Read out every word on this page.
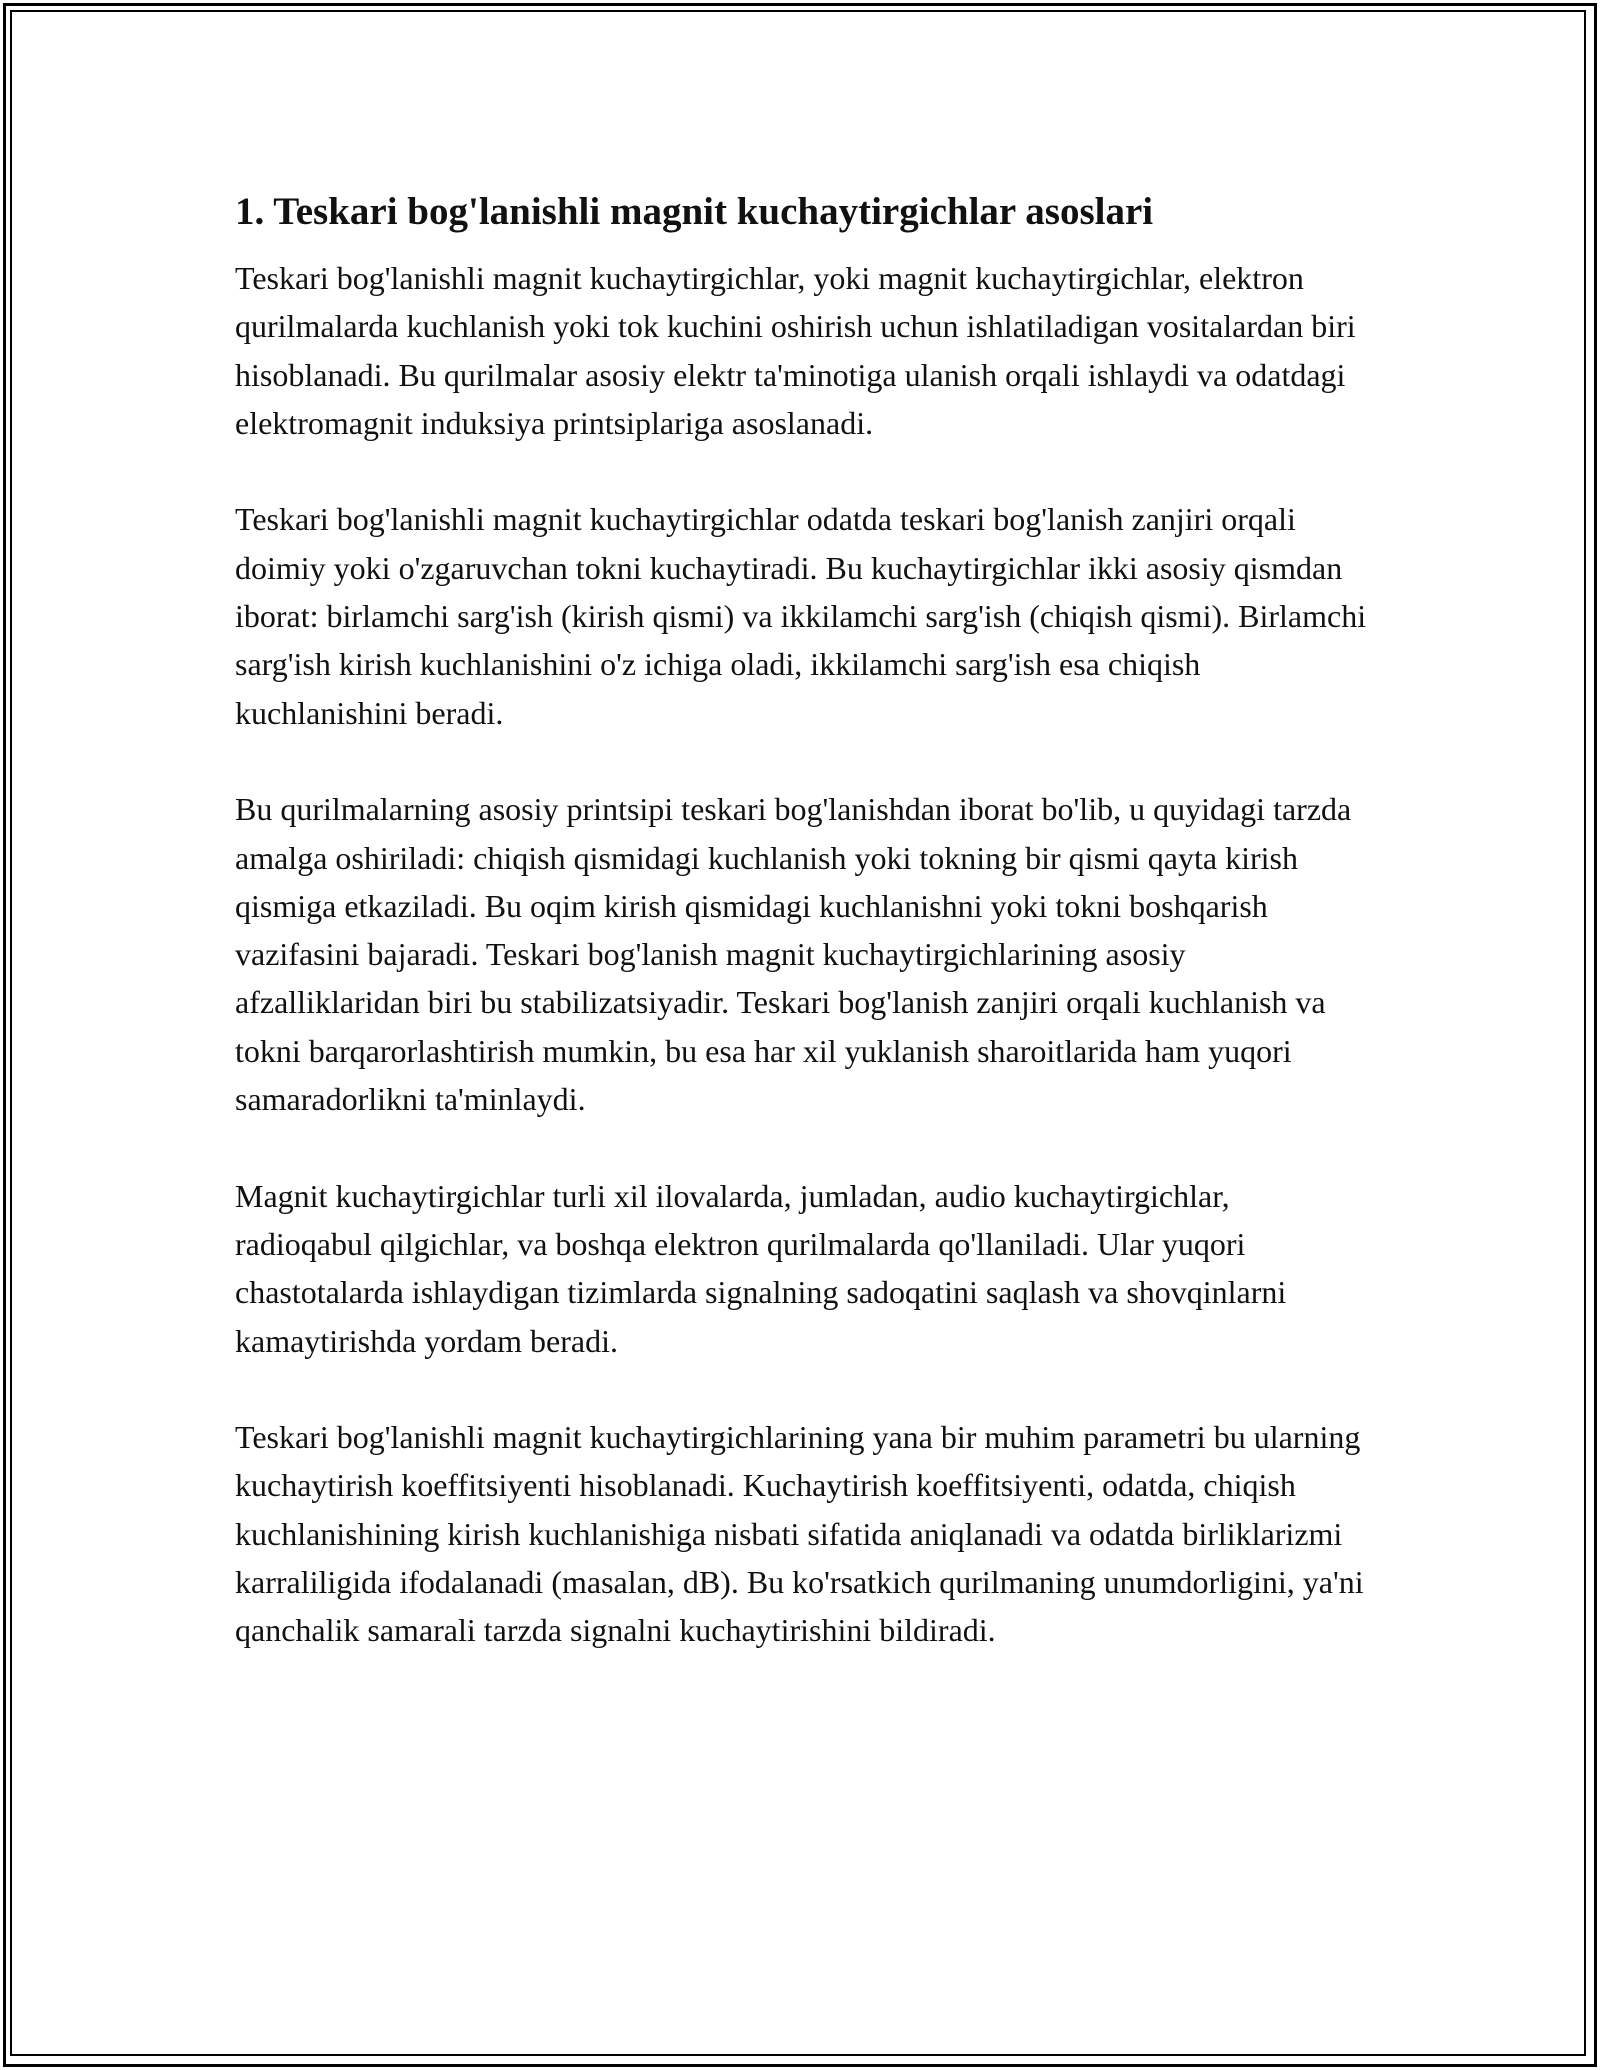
1. Teskari bog'lanishli magnit kuchaytirgichlar asoslari

Teskari bog'lanishli magnit kuchaytirgichlar, yoki magnit kuchaytirgichlar, elektron qurilmalarda kuchlanish yoki tok kuchini oshirish uchun ishlatiladigan vositalardan biri hisoblanadi. Bu qurilmalar asosiy elektr ta'minotiga ulanish orqali ishlaydi va odatdagi elektromagnit induksiya printsiplariga asoslanadi.

Teskari bog'lanishli magnit kuchaytirgichlar odatda teskari bog'lanish zanjiri orqali doimiy yoki o'zgaruvchan tokni kuchaytiradi. Bu kuchaytirgichlar ikki asosiy qismdan iborat: birlamchi sarg'ish (kirish qismi) va ikkilamchi sarg'ish (chiqish qismi). Birlamchi sarg'ish kirish kuchlanishini o'z ichiga oladi, ikkilamchi sarg'ish esa chiqish kuchlanishini beradi.

Bu qurilmalarning asosiy printsipi teskari bog'lanishdan iborat bo'lib, u quyidagi tarzda amalga oshiriladi: chiqish qismidagi kuchlanish yoki tokning bir qismi qayta kirish qismiga etkaziladi. Bu oqim kirish qismidagi kuchlanishni yoki tokni boshqarish vazifasini bajaradi. Teskari bog'lanish magnit kuchaytirgichlarining asosiy afzalliklaridan biri bu stabilizatsiyadir. Teskari bog'lanish zanjiri orqali kuchlanish va tokni barqarorlashtirish mumkin, bu esa har xil yuklanish sharoitlarida ham yuqori samaradorlikni ta'minlaydi.

Magnit kuchaytirgichlar turli xil ilovalarda, jumladan, audio kuchaytirgichlar, radioqabul qilgichlar, va boshqa elektron qurilmalarda qo'llaniladi. Ular yuqori chastotalarda ishlaydigan tizimlarda signalning sadoqatini saqlash va shovqinlarni kamaytirishda yordam beradi.

Teskari bog'lanishli magnit kuchaytirgichlarining yana bir muhim parametri bu ularning kuchaytirish koeffitsiyenti hisoblanadi. Kuchaytirish koeffitsiyenti, odatda, chiqish kuchlanishining kirish kuchlanishiga nisbati sifatida aniqlanadi va odatda birliklarizmi karraliligida ifodalanadi (masalan, dB). Bu ko'rsatkich qurilmaning unumdorligini, ya'ni qanchalik samarali tarzda signalni kuchaytirishini bildiradi.
